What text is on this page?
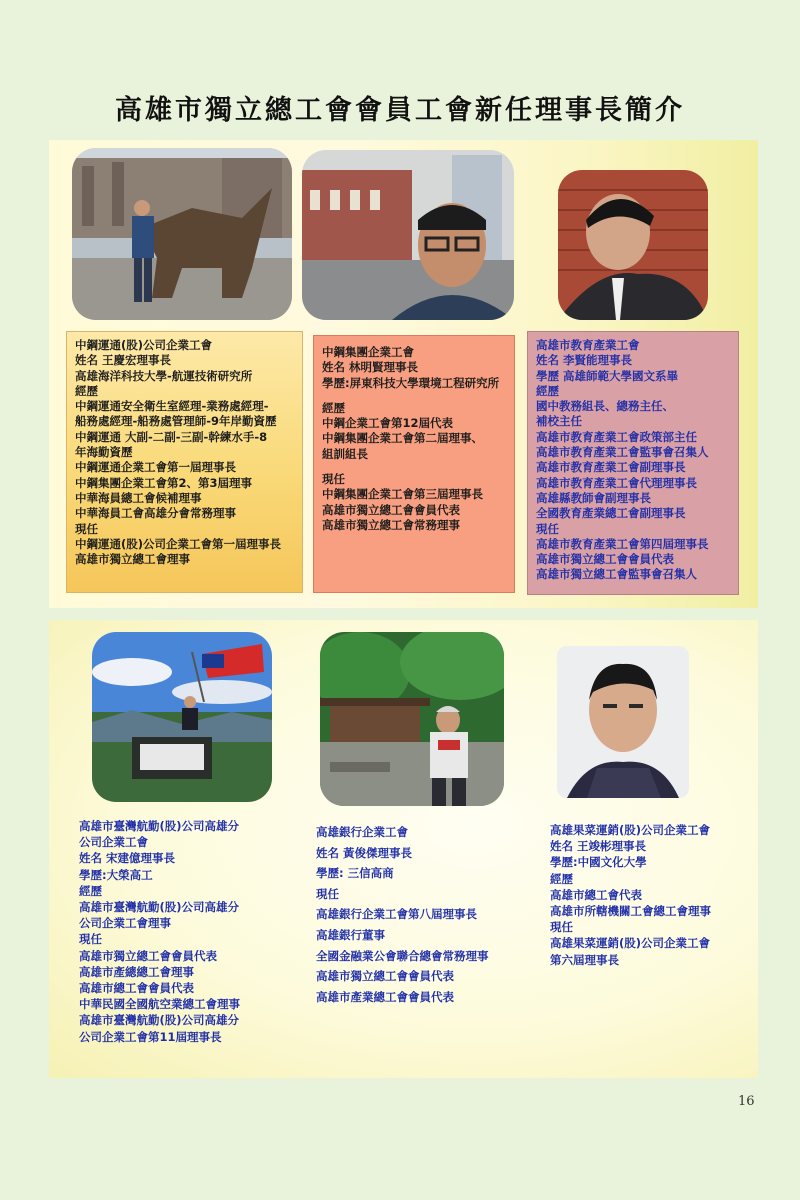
高雄市獨立總工會會員工會新任理事長簡介
中鋼運通(股)公司企業工會
姓名 王慶宏理事長
高雄海洋科技大學-航運技術研究所
經歷
中鋼運通安全衛生室經理-業務處經理-
船務處經理-船務處管理師-9年岸勤資歷
中鋼運通 大副-二副-三副-幹練水手-8
年海勤資歷
中鋼運通企業工會第一屆理事長
中鋼集團企業工會第2、第3屆理事
中華海員總工會候補理事
中華海員工會高雄分會常務理事
現任
中鋼運通(股)公司企業工會第一屆理事長
高雄市獨立總工會理事
中鋼集團企業工會
姓名 林明賢理事長
學歷:屏東科技大學環境工程研究所
經歷
中鋼企業工會第12屆代表
中鋼集團企業工會第二屆理事、
組訓組長
現任
中鋼集團企業工會第三屆理事長
高雄市獨立總工會會員代表
高雄市獨立總工會常務理事
高雄市教育產業工會
姓名 李賢能理事長
學歷 高雄師範大學國文系畢
經歷
國中教務組長、總務主任、
補校主任
高雄市教育產業工會政策部主任
高雄市教育產業工會監事會召集人
高雄市教育產業工會副理事長
高雄市教育產業工會代理理事長
高雄縣教師會副理事長
全國教育產業總工會副理事長
現任
高雄市教育產業工會第四屆理事長
高雄市獨立總工會會員代表
高雄市獨立總工會監事會召集人
高雄市臺灣航勤(股)公司高雄分
公司企業工會
姓名 宋建億理事長
學歷:大榮高工
經歷
高雄市臺灣航勤(股)公司高雄分
公司企業工會理事
現任
高雄市獨立總工會會員代表
高雄市產總總工會理事
高雄市總工會會員代表
中華民國全國航空業總工會理事
高雄市臺灣航勤(股)公司高雄分
公司企業工會第11屆理事長
高雄銀行企業工會
姓名 黃俊傑理事長
學歷: 三信高商
現任
高雄銀行企業工會第八屆理事長
高雄銀行董事
全國金融業公會聯合總會常務理事
高雄市獨立總工會會員代表
高雄市產業總工會會員代表
高雄果菜運銷(股)公司企業工會
姓名 王竣彬理事長
學歷:中國文化大學
經歷
高雄市總工會代表
高雄市所轄機關工會總工會理事
現任
高雄果菜運銷(股)公司企業工會
第六屆理事長
16
